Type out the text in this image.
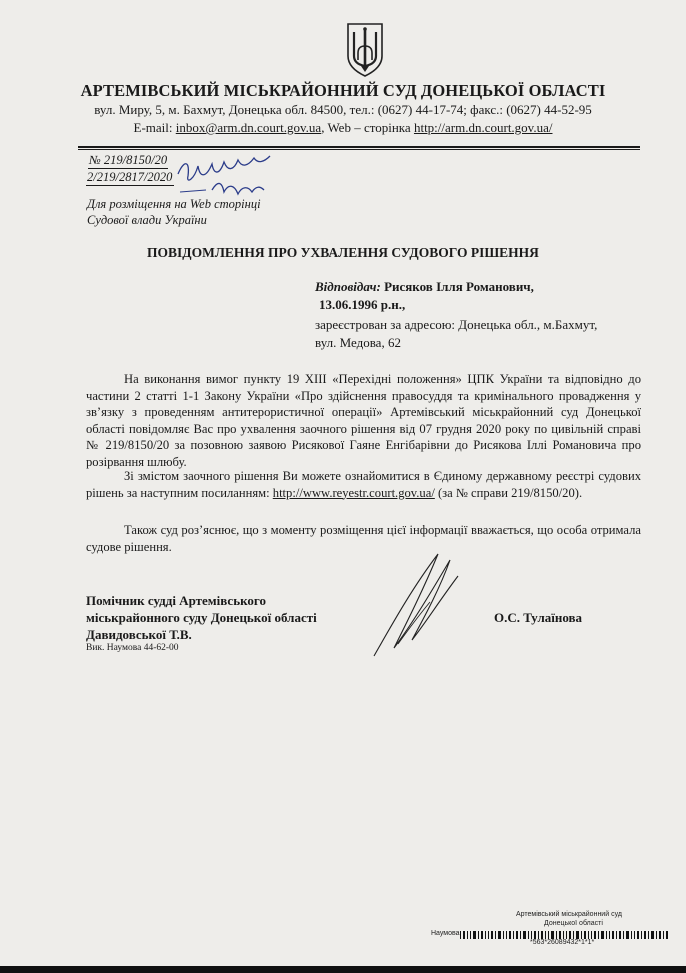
АРТЕМІВСЬКИЙ МІСЬКРАЙОННИЙ СУД ДОНЕЦЬКОЇ ОБЛАСТІ
вул. Миру, 5, м. Бахмут, Донецька обл. 84500, тел.: (0627) 44-17-74; факс.: (0627) 44-52-95
E-mail: inbox@arm.dn.court.gov.ua, Web – сторінка http://arm.dn.court.gov.ua/
№ 219/8150/20
2/219/2817/2020
Для розміщення на Web сторінці
Судової влади України
ПОВІДОМЛЕННЯ ПРО УХВАЛЕННЯ СУДОВОГО РІШЕННЯ
Відповідач: Рисяков Ілля Романович,
13.06.1996 р.н.,
зареєстрован за адресою: Донецька обл., м.Бахмут,
вул. Медова, 62
На виконання вимог пункту 19 XIII «Перехідні положення» ЦПК України та відповідно до частини 2 статті 1-1 Закону України «Про здійснення правосуддя та кримінального провадження у зв’язку з проведенням антитерористичної операції» Артемівський міськрайонний суд Донецької області повідомляє Вас про ухвалення заочного рішення від 07 грудня 2020 року по цивільній справі № 219/8150/20 за позовною заявою Рисякової Гаяне Енгібарівни до Рисякова Іллі Романовича про розірвання шлюбу.
Зі змістом заочного рішення Ви можете ознайомитися в Єдиному державному реєстрі судових рішень за наступним посиланням: http://www.reyestr.court.gov.ua/ (за № справи 219/8150/20).
Також суд роз’яснює, що з моменту розміщення цієї інформації вважається, що особа отримала судове рішення.
Помічник судді Артемівського
міськрайонного суду Донецької області
Давидовської Т.В.
Вик. Наумова 44-62-00
О.С. Тулаїнова
Артемівський міськрайонний суд
Донецької області
Наумова
*563*26089432*1*1*
